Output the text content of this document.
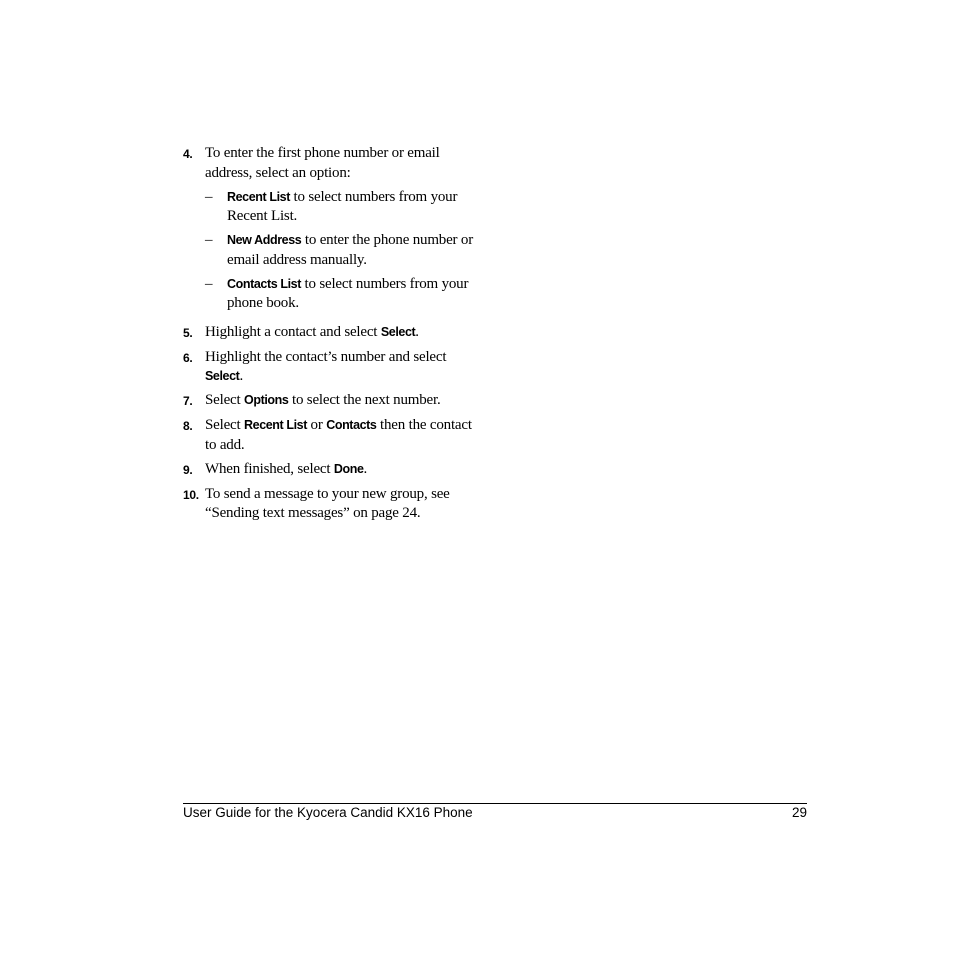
4. To enter the first phone number or email address, select an option:
–	Recent List to select numbers from your Recent List.
–	New Address to enter the phone number or email address manually.
–	Contacts List to select numbers from your phone book.
5. Highlight a contact and select Select.
6. Highlight the contact’s number and select Select.
7. Select Options to select the next number.
8. Select Recent List or Contacts then the contact to add.
9. When finished, select Done.
10. To send a message to your new group, see “Sending text messages” on page 24.
User Guide for the Kyocera Candid KX16 Phone	29
